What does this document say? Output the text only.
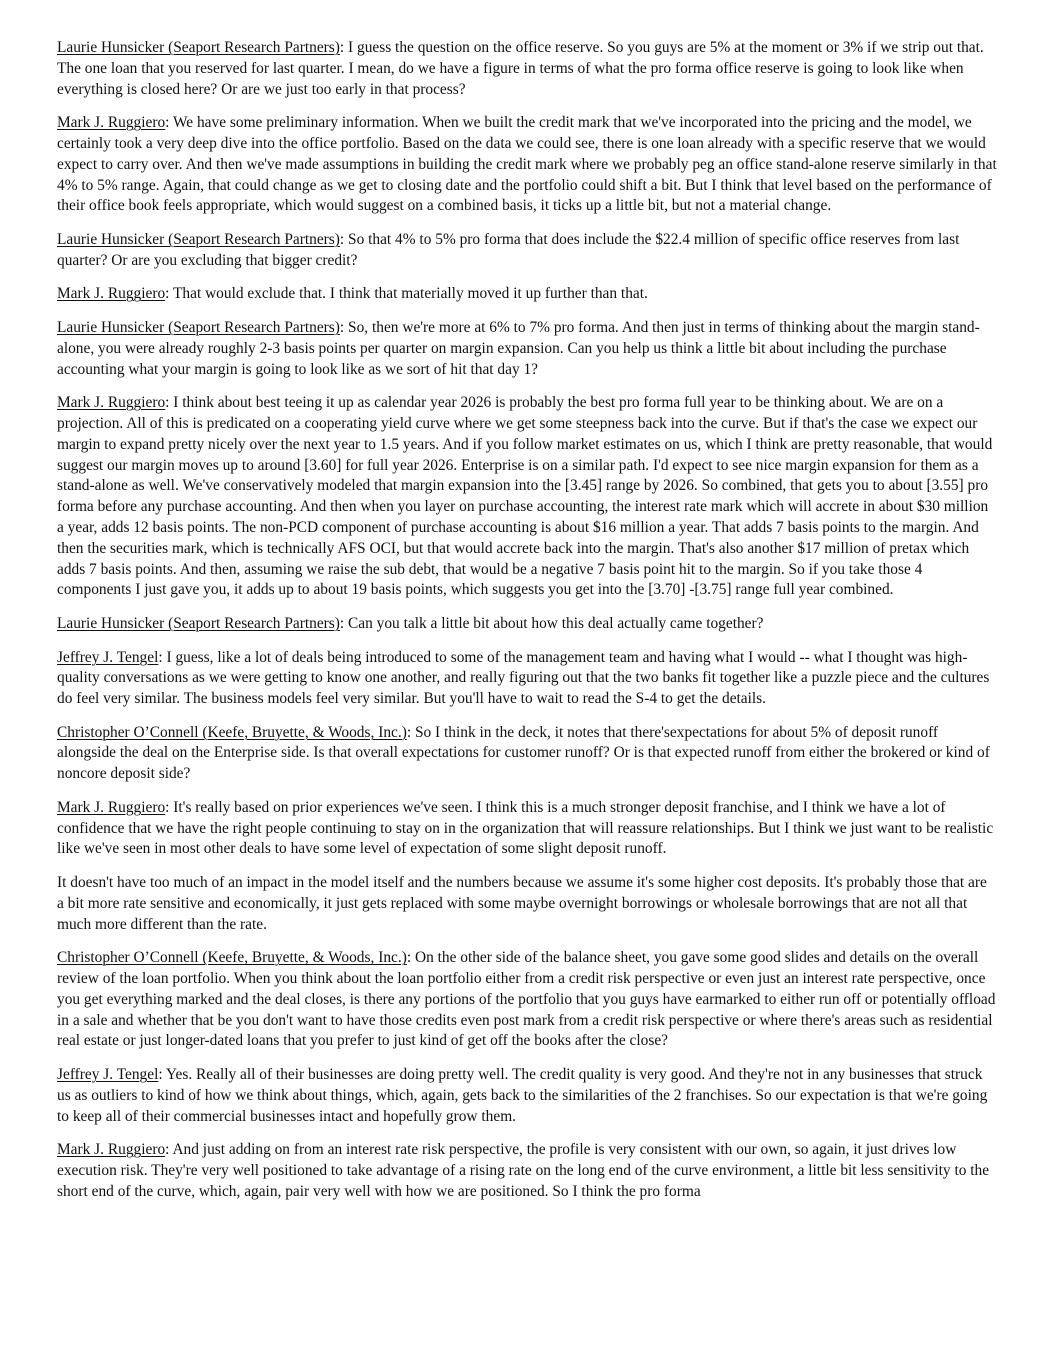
Laurie Hunsicker (Seaport Research Partners): I guess the question on the office reserve. So you guys are 5% at the moment or 3% if we strip out that. The one loan that you reserved for last quarter. I mean, do we have a figure in terms of what the pro forma office reserve is going to look like when everything is closed here? Or are we just too early in that process?

Mark J. Ruggiero: We have some preliminary information. When we built the credit mark that we've incorporated into the pricing and the model, we certainly took a very deep dive into the office portfolio. Based on the data we could see, there is one loan already with a specific reserve that we would expect to carry over. And then we've made assumptions in building the credit mark where we probably peg an office stand-alone reserve similarly in that 4% to 5% range. Again, that could change as we get to closing date and the portfolio could shift a bit. But I think that level based on the performance of their office book feels appropriate, which would suggest on a combined basis, it ticks up a little bit, but not a material change.

Laurie Hunsicker (Seaport Research Partners): So that 4% to 5% pro forma that does include the $22.4 million of specific office reserves from last quarter? Or are you excluding that bigger credit?

Mark J. Ruggiero: That would exclude that. I think that materially moved it up further than that.

Laurie Hunsicker (Seaport Research Partners): So, then we're more at 6% to 7% pro forma. And then just in terms of thinking about the margin stand-alone, you were already roughly 2-3 basis points per quarter on margin expansion. Can you help us think a little bit about including the purchase accounting what your margin is going to look like as we sort of hit that day 1?

Mark J. Ruggiero: I think about best teeing it up as calendar year 2026 is probably the best pro forma full year to be thinking about. We are on a projection. All of this is predicated on a cooperating yield curve where we get some steepness back into the curve. But if that's the case we expect our margin to expand pretty nicely over the next year to 1.5 years. And if you follow market estimates on us, which I think are pretty reasonable, that would suggest our margin moves up to around [3.60] for full year 2026. Enterprise is on a similar path. I'd expect to see nice margin expansion for them as a stand-alone as well. We've conservatively modeled that margin expansion into the [3.45] range by 2026. So combined, that gets you to about [3.55] pro forma before any purchase accounting. And then when you layer on purchase accounting, the interest rate mark which will accrete in about $30 million a year, adds 12 basis points. The non-PCD component of purchase accounting is about $16 million a year. That adds 7 basis points to the margin. And then the securities mark, which is technically AFS OCI, but that would accrete back into the margin. That's also another $17 million of pretax which adds 7 basis points. And then, assuming we raise the sub debt, that would be a negative 7 basis point hit to the margin. So if you take those 4 components I just gave you, it adds up to about 19 basis points, which suggests you get into the [3.70] -[3.75] range full year combined.

Laurie Hunsicker (Seaport Research Partners): Can you talk a little bit about how this deal actually came together?

Jeffrey J. Tengel: I guess, like a lot of deals being introduced to some of the management team and having what I would -- what I thought was high-quality conversations as we were getting to know one another, and really figuring out that the two banks fit together like a puzzle piece and the cultures do feel very similar. The business models feel very similar. But you'll have to wait to read the S-4 to get the details.

Christopher O’Connell (Keefe, Bruyette, & Woods, Inc.): So I think in the deck, it notes that there'sexpectations for about 5% of deposit runoff alongside the deal on the Enterprise side. Is that overall expectations for customer runoff? Or is that expected runoff from either the brokered or kind of noncore deposit side?

Mark J. Ruggiero: It's really based on prior experiences we've seen. I think this is a much stronger deposit franchise, and I think we have a lot of confidence that we have the right people continuing to stay on in the organization that will reassure relationships. But I think we just want to be realistic like we've seen in most other deals to have some level of expectation of some slight deposit runoff.

It doesn't have too much of an impact in the model itself and the numbers because we assume it's some higher cost deposits. It's probably those that are a bit more rate sensitive and economically, it just gets replaced with some maybe overnight borrowings or wholesale borrowings that are not all that much more different than the rate.

Christopher O’Connell (Keefe, Bruyette, & Woods, Inc.): On the other side of the balance sheet, you gave some good slides and details on the overall review of the loan portfolio. When you think about the loan portfolio either from a credit risk perspective or even just an interest rate perspective, once you get everything marked and the deal closes, is there any portions of the portfolio that you guys have earmarked to either run off or potentially offload in a sale and whether that be you don't want to have those credits even post mark from a credit risk perspective or where there's areas such as residential real estate or just longer-dated loans that you prefer to just kind of get off the books after the close?

Jeffrey J. Tengel: Yes. Really all of their businesses are doing pretty well. The credit quality is very good. And they're not in any businesses that struck us as outliers to kind of how we think about things, which, again, gets back to the similarities of the 2 franchises. So our expectation is that we're going to keep all of their commercial businesses intact and hopefully grow them.

Mark J. Ruggiero: And just adding on from an interest rate risk perspective, the profile is very consistent with our own, so again, it just drives low execution risk. They're very well positioned to take advantage of a rising rate on the long end of the curve environment, a little bit less sensitivity to the short end of the curve, which, again, pair very well with how we are positioned. So I think the pro forma
